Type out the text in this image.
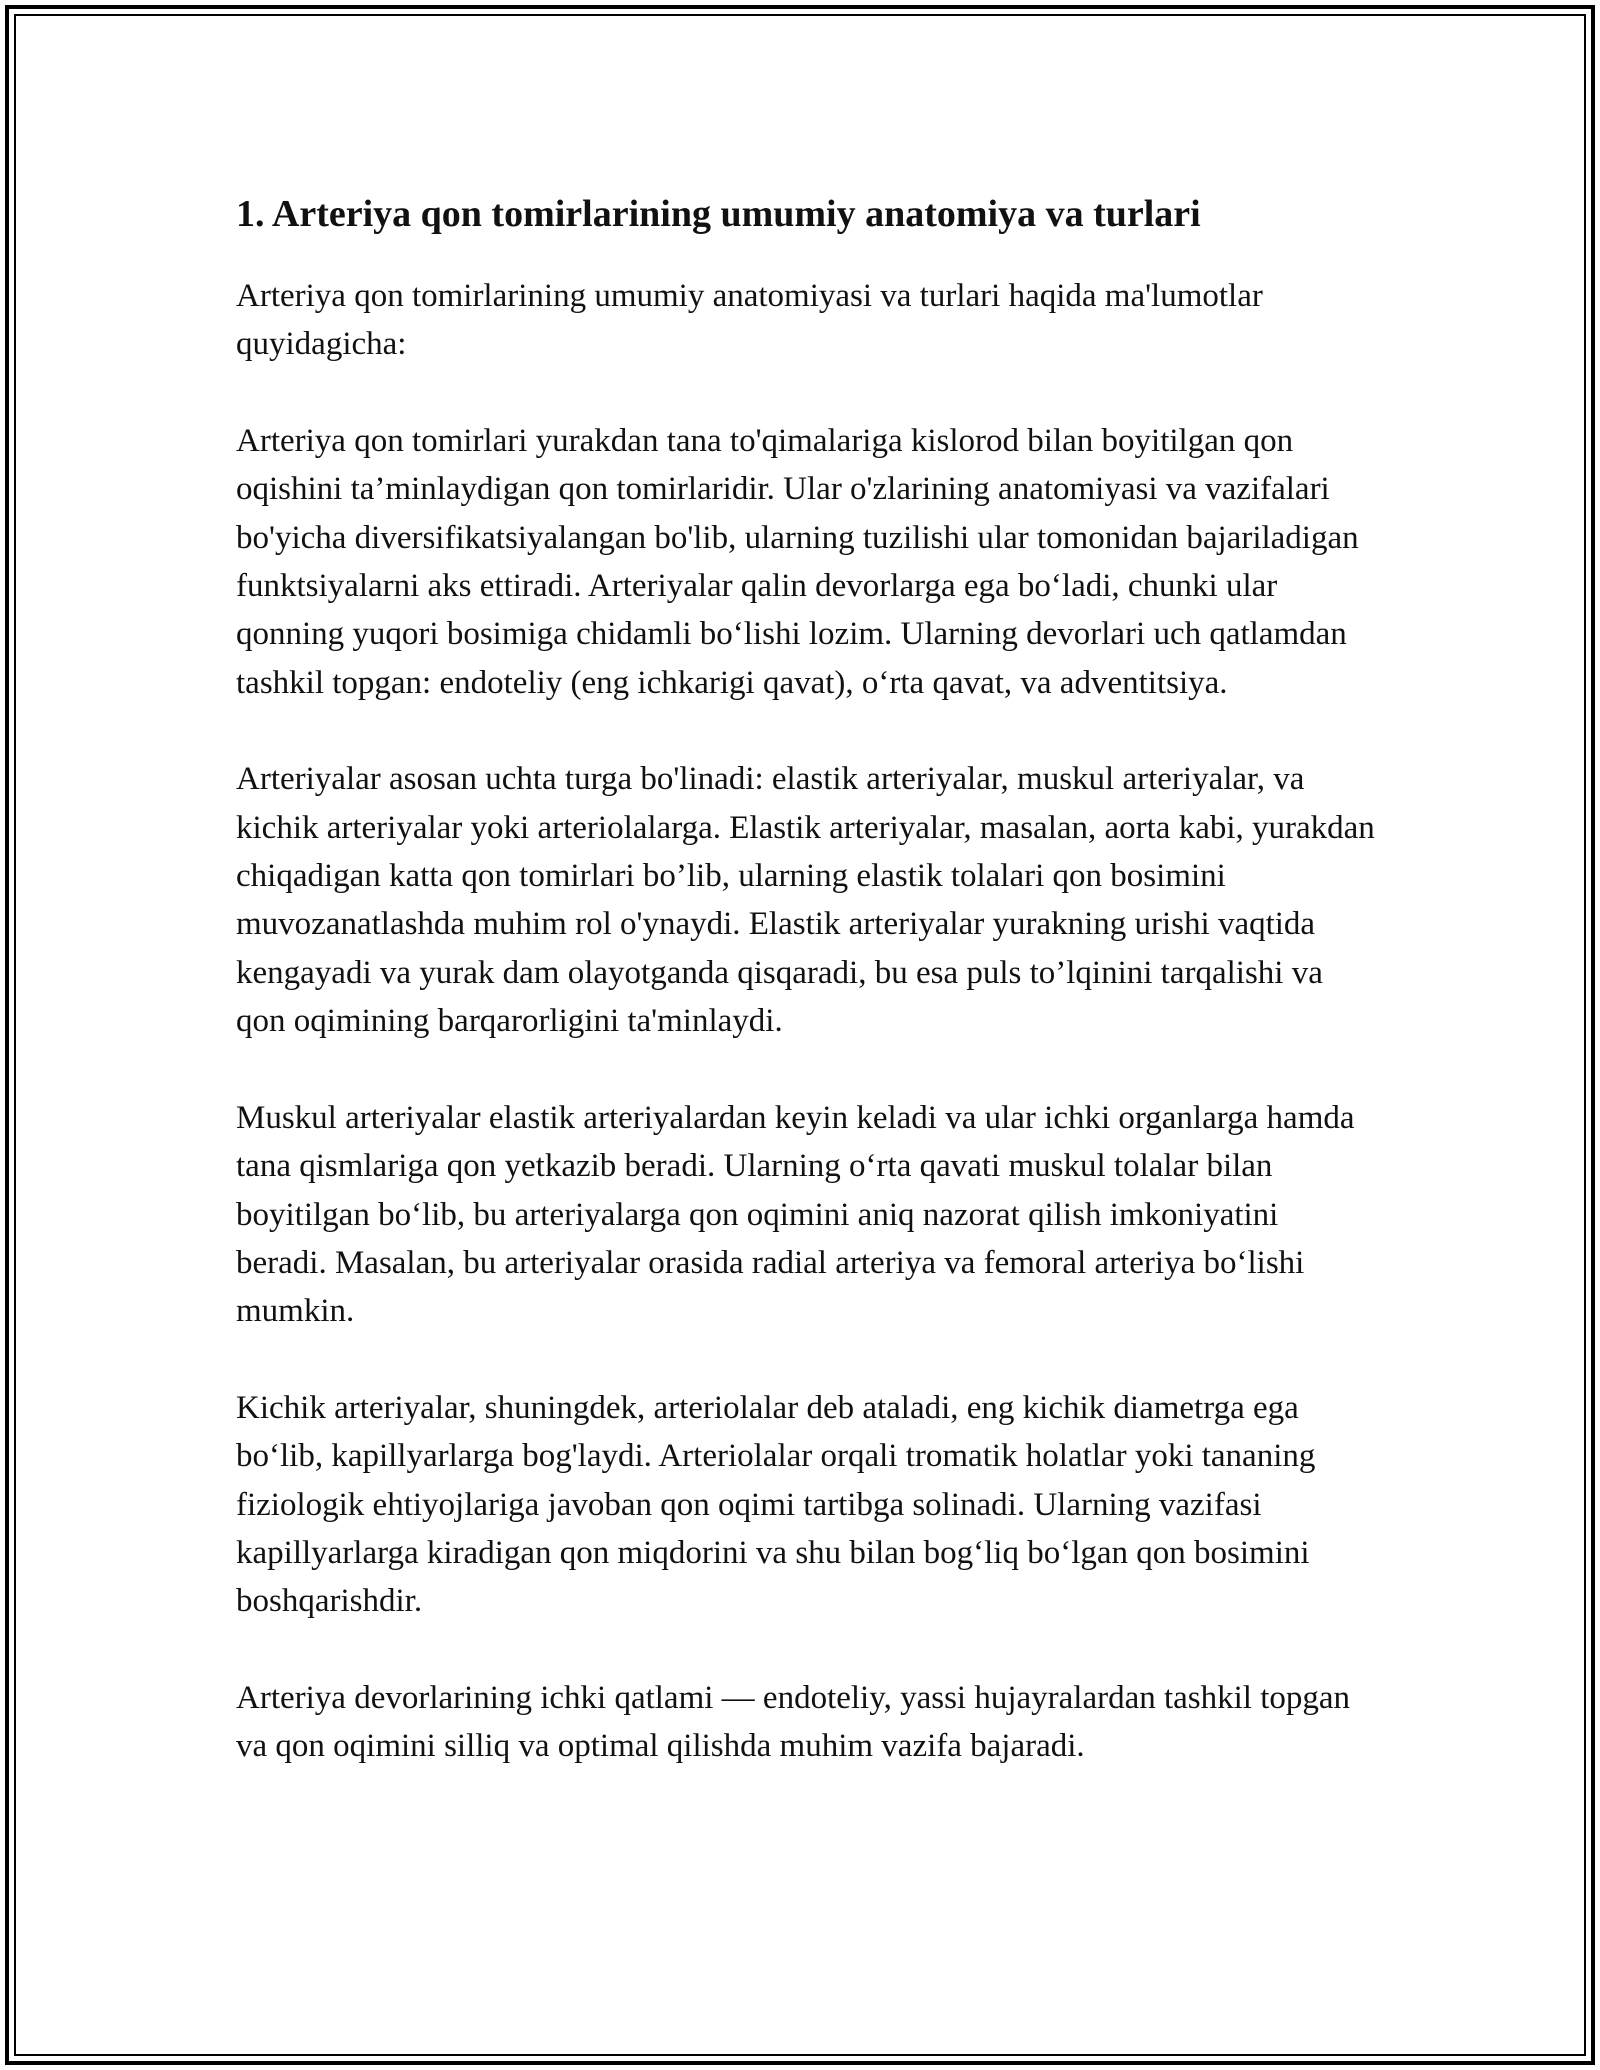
1. Arteriya qon tomirlarining umumiy anatomiya va turlari

Arteriya qon tomirlarining umumiy anatomiyasi va turlari haqida ma'lumotlar quyidagicha:

Arteriya qon tomirlari yurakdan tana to'qimalariga kislorod bilan boyitilgan qon oqishini ta’minlaydigan qon tomirlaridir. Ular o'zlarining anatomiyasi va vazifalari bo'yicha diversifikatsiyalangan bo'lib, ularning tuzilishi ular tomonidan bajariladigan funktsiyalarni aks ettiradi. Arteriyalar qalin devorlarga ega boʻladi, chunki ular qonning yuqori bosimiga chidamli boʻlishi lozim. Ularning devorlari uch qatlamdan tashkil topgan: endoteliy (eng ichkarigi qavat), oʻrta qavat, va adventitsiya.

Arteriyalar asosan uchta turga bo'linadi: elastik arteriyalar, muskul arteriyalar, va kichik arteriyalar yoki arteriolalarga. Elastik arteriyalar, masalan, aorta kabi, yurakdan chiqadigan katta qon tomirlari bo’lib, ularning elastik tolalari qon bosimini muvozanatlashda muhim rol o'ynaydi. Elastik arteriyalar yurakning urishi vaqtida kengayadi va yurak dam olayotganda qisqaradi, bu esa puls to’lqinini tarqalishi va qon oqimining barqarorligini ta'minlaydi.

Muskul arteriyalar elastik arteriyalardan keyin keladi va ular ichki organlarga hamda tana qismlariga qon yetkazib beradi. Ularning oʻrta qavati muskul tolalar bilan boyitilgan boʻlib, bu arteriyalarga qon oqimini aniq nazorat qilish imkoniyatini beradi. Masalan, bu arteriyalar orasida radial arteriya va femoral arteriya boʻlishi mumkin.

Kichik arteriyalar, shuningdek, arteriolalar deb ataladi, eng kichik diametrga ega boʻlib, kapillyarlarga bog'laydi. Arteriolalar orqali tromatik holatlar yoki tananing fiziologik ehtiyojlariga javoban qon oqimi tartibga solinadi. Ularning vazifasi kapillyarlarga kiradigan qon miqdorini va shu bilan bogʻliq boʻlgan qon bosimini boshqarishdir.

Arteriya devorlarining ichki qatlami — endoteliy, yassi hujayralardan tashkil topgan va qon oqimini silliq va optimal qilishda muhim vazifa bajaradi.
